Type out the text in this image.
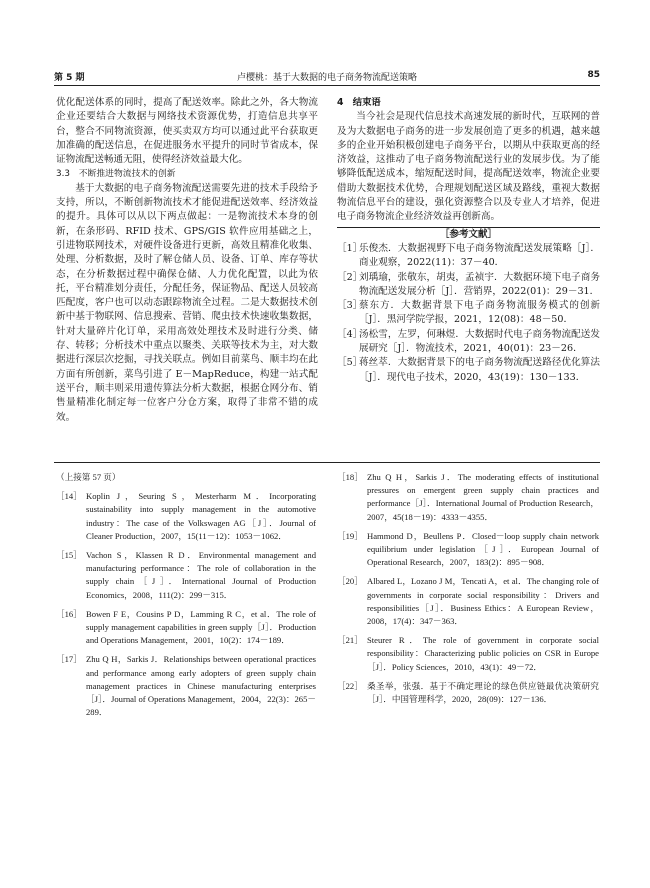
第 5 期	卢樱桃：基于大数据的电子商务物流配送策略	85

优化配送体系的同时，提高了配送效率。除此之外，各大物流企业还要结合大数据与网络技术资源优势，打造信息共享平台，整合不同物流资源，使买卖双方均可以通过此平台获取更加准确的配送信息，在促进服务水平提升的同时节省成本，保证物流配送畅通无阻，使得经济效益最大化。

3.3　不断推进物流技术的创新

基于大数据的电子商务物流配送需要先进的技术手段给予支持，所以，不断创新物流技术才能促进配送效率、经济效益的提升。具体可以从以下两点做起：一是物流技术本身的创新，在条形码、RFID 技术、GPS/GIS 软件应用基础之上，引进物联网技术，对硬件设备进行更新，高效且精准化收集、处理、分析数据，及时了解仓储人员、设备、订单、库存等状态，在分析数据过程中确保仓储、人力优化配置，以此为依托，平台精准划分责任，分配任务，保证物品、配送人员较高匹配度，客户也可以动态跟踪物流全过程。二是大数据技术创新中基于物联网、信息搜索、营销、爬虫技术快速收集数据，针对大量碎片化订单，采用高效处理技术及时进行分类、储存、转移；分析技术中重点以聚类、关联等技术为主，对大数据进行深层次挖掘，寻找关联点。例如目前菜鸟、顺丰均在此方面有所创新，菜鸟引进了 E－MapReduce，构建一站式配送平台，顺丰则采用遗传算法分析大数据，根据仓网分布、销售量精准化制定每一位客户分仓方案，取得了非常不错的成效。

4　结束语

当今社会是现代信息技术高速发展的新时代，互联网的普及为大数据电子商务的进一步发展创造了更多的机遇，越来越多的企业开始积极创建电子商务平台，以期从中获取更高的经济效益，这推动了电子商务物流配送行业的发展步伐。为了能够降低配送成本，缩短配送时间，提高配送效率，物流企业要借助大数据技术优势，合理规划配送区域及路线，重视大数据物流信息平台的建设，强化资源整合以及专业人才培养，促进电子商务物流企业经济效益再创新高。

［参考文献］

［1］
乐俊杰．大数据视野下电子商务物流配送发展策略［J］．商业观察，2022(11)：37－40．
［2］
刘瑀瑜，张敬东，胡夷，孟祯宇．大数据环境下电子商务物流配送发展分析［J］．营销界，2022(01)：29－31．
［3］
蔡东方．大数据背景下电子商务物流服务模式的创新［J］．黑河学院学报，2021，12(08)：48－50．
［4］
汤松雪，左罗，何琳煜．大数据时代电子商务物流配送发展研究［J］．物流技术，2021，40(01)：23－26．
［5］
蒋丝萃．大数据背景下的电子商务物流配送路径优化算法［J］．现代电子技术，2020，43(19)：130－133．

（上接第 57 页）

［14］ Koplin J，Seuring S，Mesterharm M．Incorporating sustainability into supply management in the automotive industry：The case of the Volkswagen AG［J］．Journal of Cleaner Production，2007，15(11－12)：1053－1062．
［15］ Vachon S，Klassen R D．Environmental management and manufacturing performance：The role of collaboration in the supply chain［J］．International Journal of Production Economics，2008，111(2)：299－315．
［16］ Bowen F E，Cousins P D，Lamming R C，et al．The role of supply management capabilities in green supply［J］．Production and Operations Management，2001，10(2)：174－189．
［17］ Zhu Q H，Sarkis J．Relationships between operational practices and performance among early adopters of green supply chain management practices in Chinese manufacturing enterprises［J］．Journal of Operations Management，2004，22(3)：265－289．
［18］ Zhu Q H，Sarkis J．The moderating effects of institutional pressures on emergent green supply chain practices and performance［J］．International Journal of Production Research，2007，45(18－19)：4333－4355．
［19］ Hammond D，Beullens P．Closed－loop supply chain network equilibrium under legislation［J］．European Journal of Operational Research，2007，183(2)：895－908．
［20］ Albared L，Lozano J M，Tencati A，et al．The changing role of governments in corporate social responsibility：Drivers and responsibilities［J］．Business Ethics：A European Review，2008，17(4)：347－363．
［21］ Steurer R．The role of government in corporate social responsibility：Characterizing public policies on CSR in Europe［J］．Policy Sciences，2010，43(1)：49－72．
［22］ 桑圣举，张强．基于不确定理论的绿色供应链最优决策研究［J］．中国管理科学，2020，28(09)：127－136．
